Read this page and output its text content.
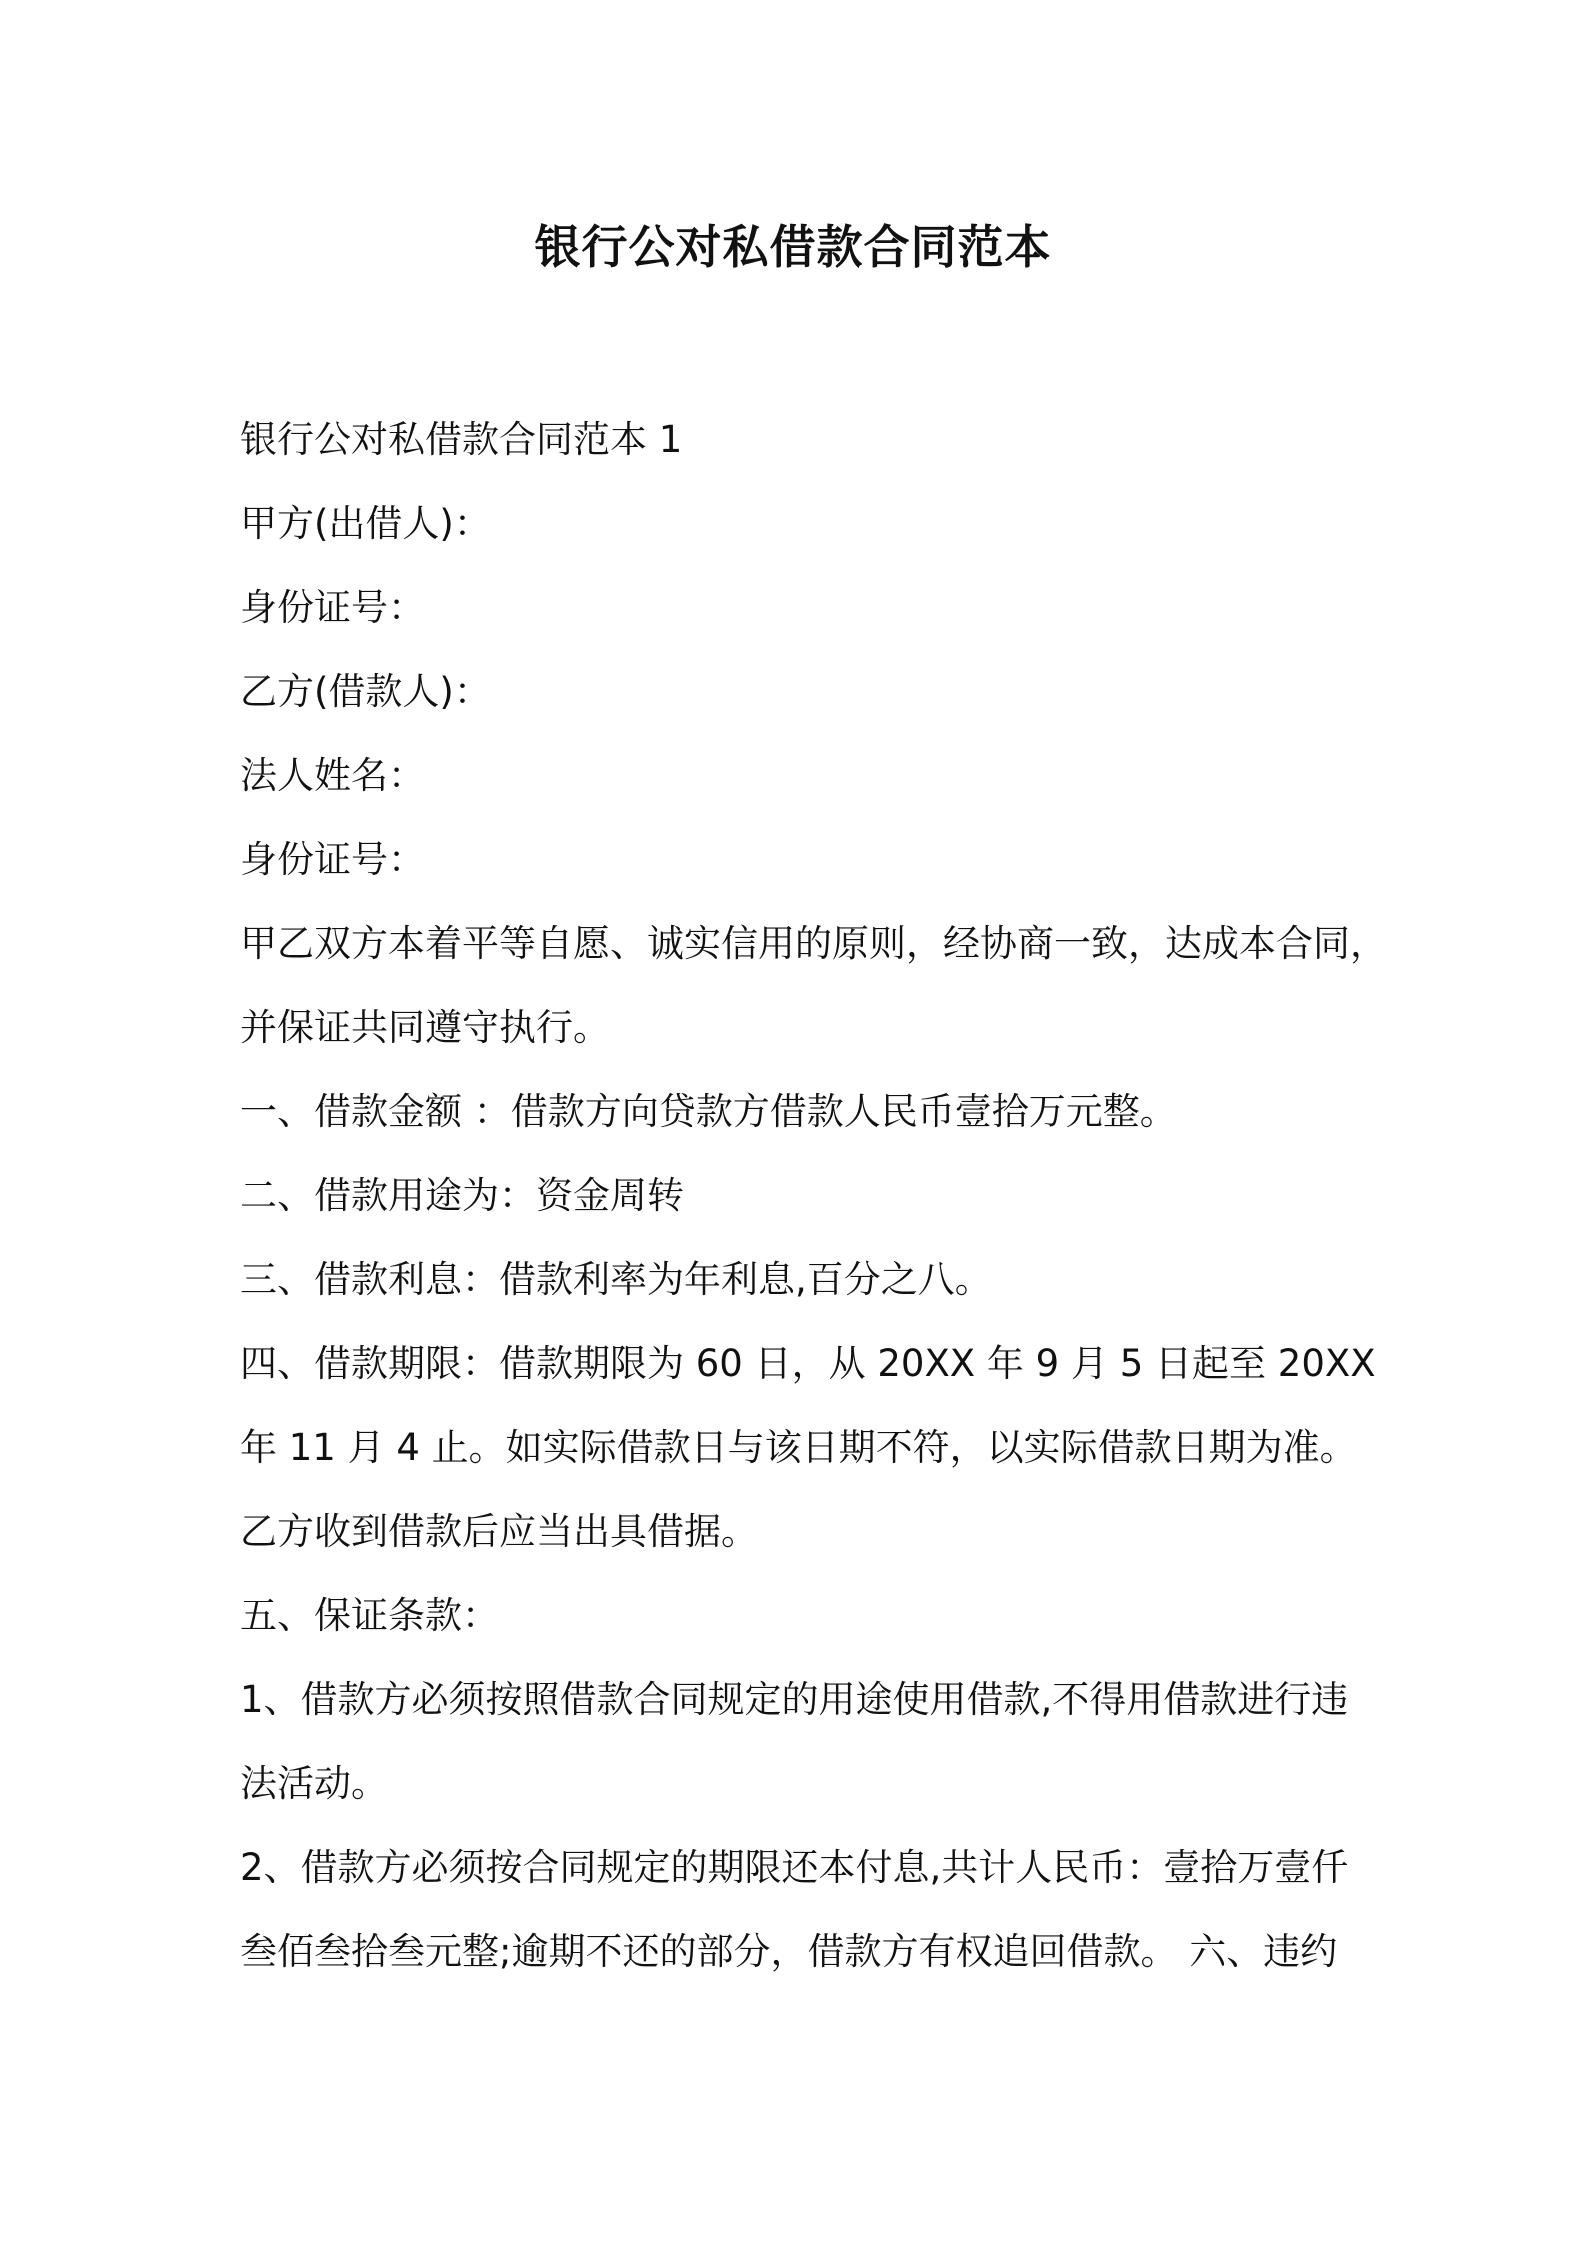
银行公对私借款合同范本
银行公对私借款合同范本 1
甲方(出借人)：
身份证号：
乙方(借款人)：
法人姓名：
身份证号：
甲乙双方本着平等自愿、诚实信用的原则，经协商一致，达成本合同，
并保证共同遵守执行。
一、借款金额 ：借款方向贷款方借款人民币壹拾万元整。
二、借款用途为：资金周转
三、借款利息：借款利率为年利息,百分之八。
四、借款期限：借款期限为 60 日，从 20XX 年 9 月 5 日起至 20XX
年 11 月 4 止。如实际借款日与该日期不符，以实际借款日期为准。
乙方收到借款后应当出具借据。
五、保证条款：
1、借款方必须按照借款合同规定的用途使用借款,不得用借款进行违
法活动。
2、借款方必须按合同规定的期限还本付息,共计人民币：壹拾万壹仟
叁佰叁拾叁元整;逾期不还的部分，借款方有权追回借款。 六、违约
